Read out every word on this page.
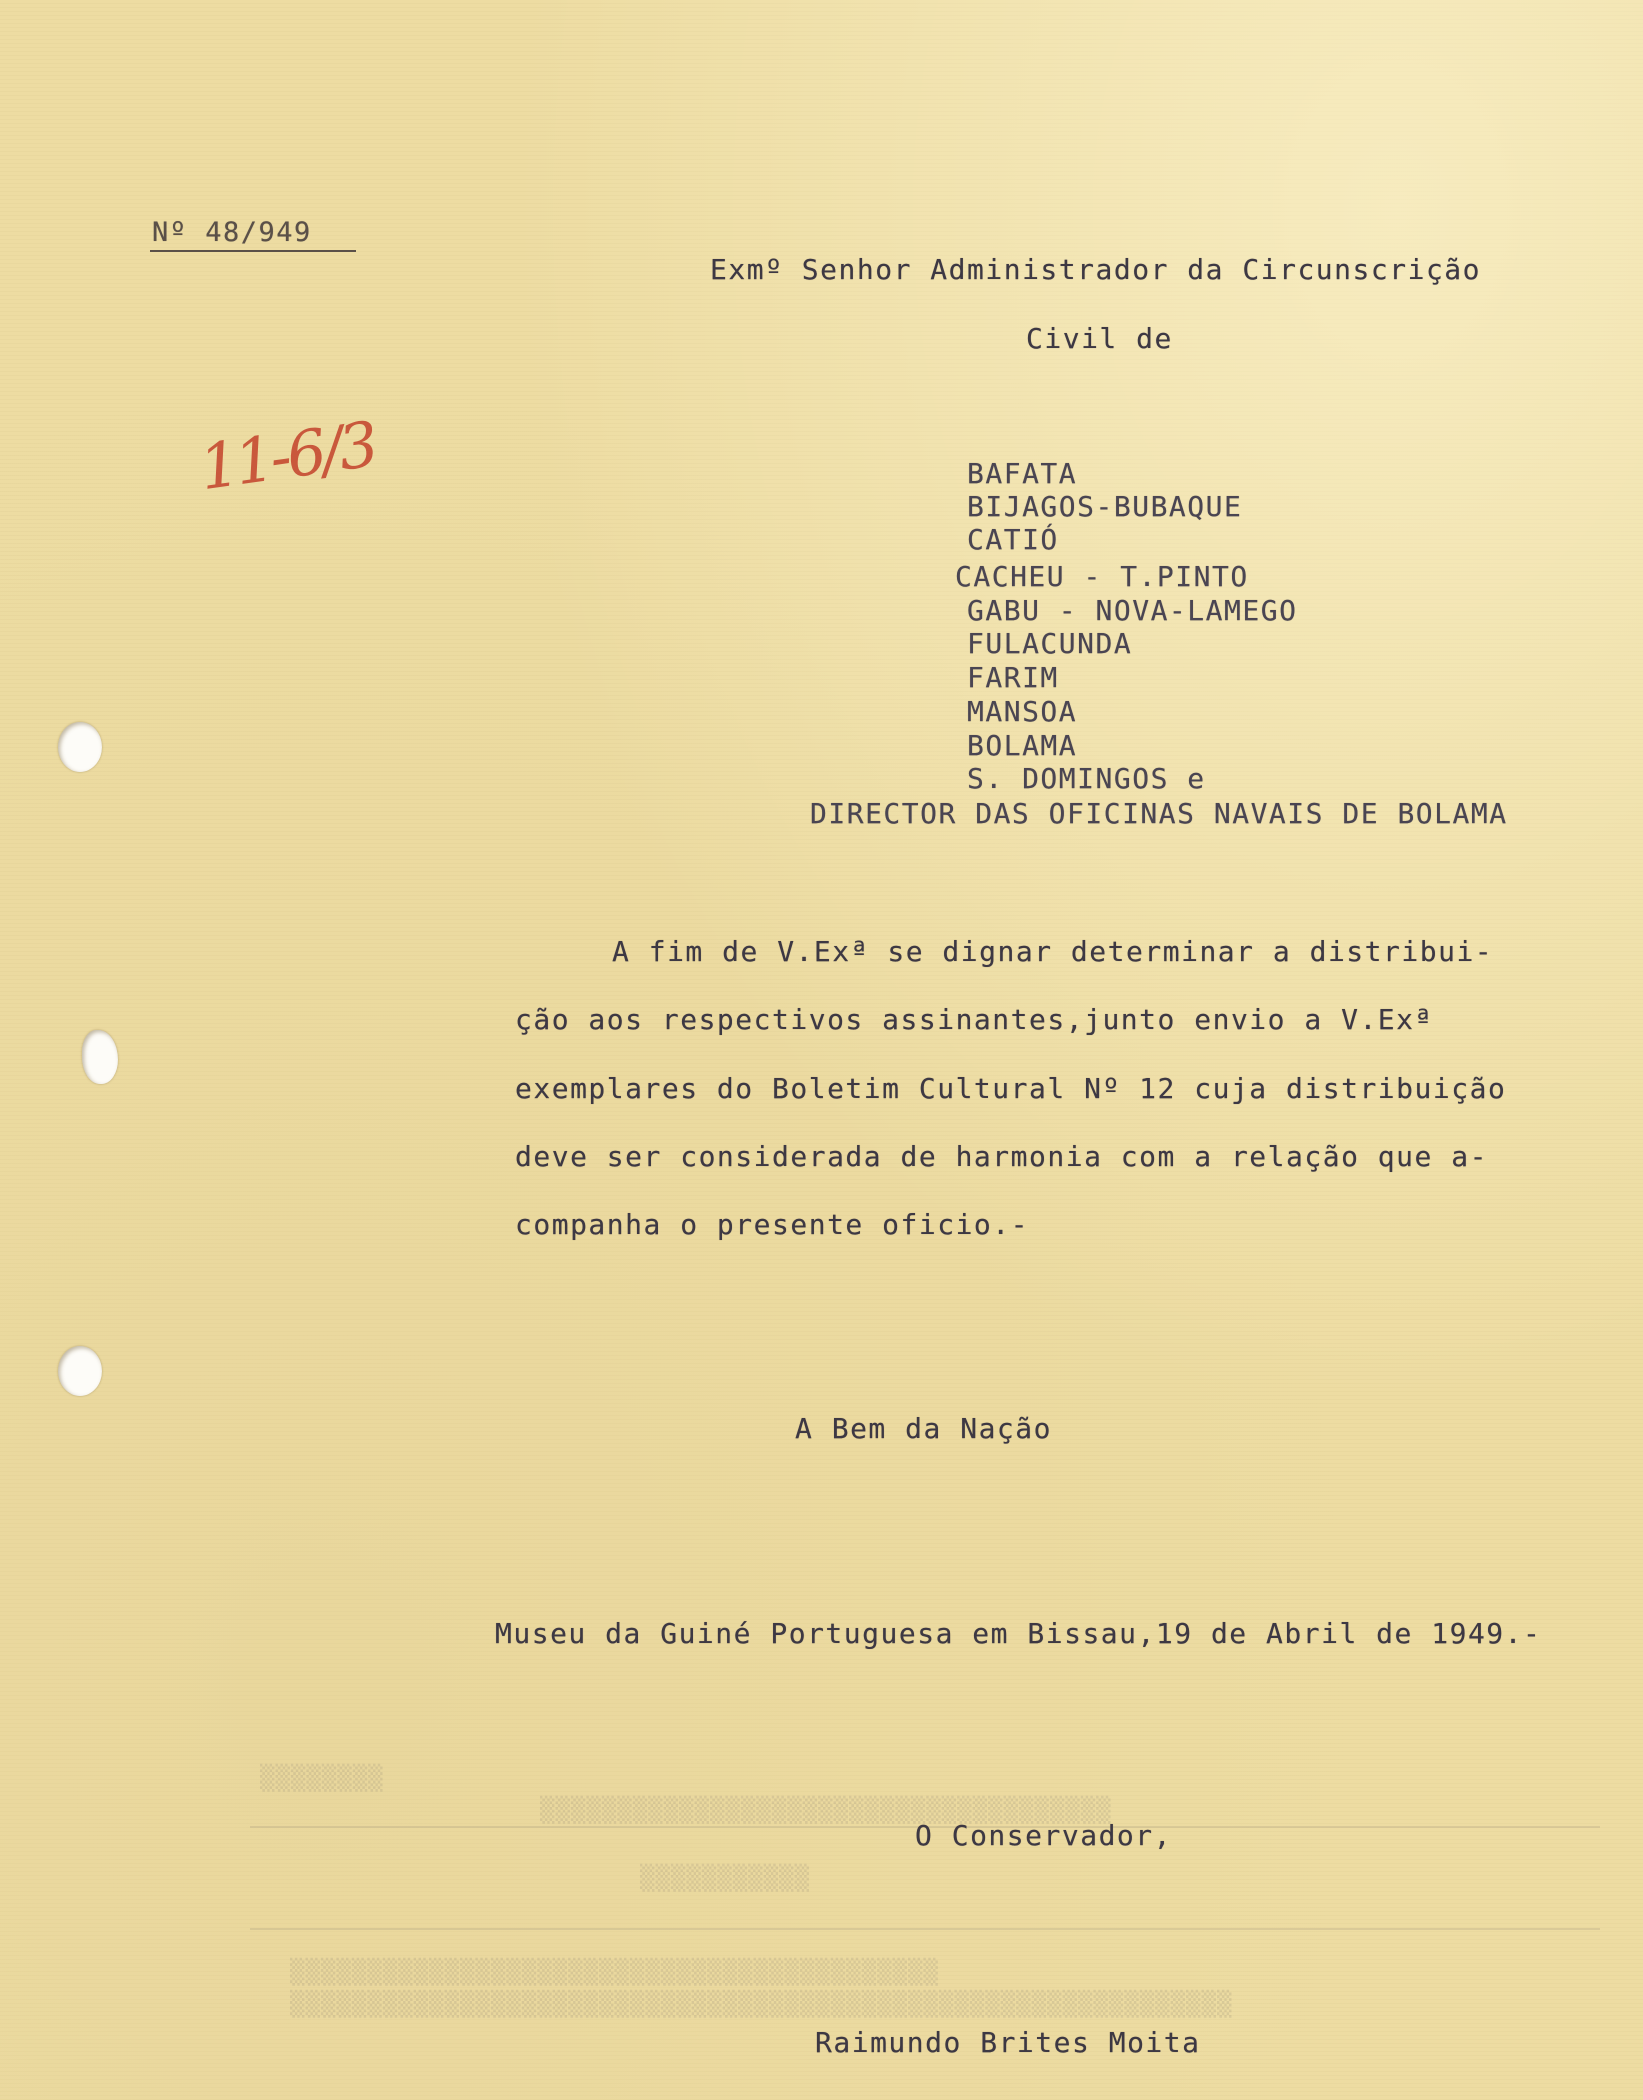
▒▒▒▒▒▒▒▒
▒▒▒▒▒▒▒▒▒▒▒▒▒▒▒▒▒▒▒▒▒▒▒▒▒▒▒▒▒▒▒▒▒▒▒▒▒
▒▒▒▒▒▒▒▒▒▒▒
▒▒▒▒▒▒▒▒▒▒▒▒▒▒▒▒▒▒▒▒▒▒▒▒▒▒▒▒▒▒▒▒▒▒▒▒▒▒▒▒▒▒
▒▒▒▒▒▒▒▒▒▒▒▒▒▒▒▒▒▒▒▒▒▒▒▒▒▒▒▒▒▒▒▒▒▒▒▒▒▒▒▒▒▒▒▒▒▒▒▒▒▒▒▒▒▒▒▒▒▒▒▒▒
Nº 48/949
11-6/3
Exmº Senhor Administrador da Circunscrição
Civil de
BAFATA
BIJAGOS-BUBAQUE
CATIÓ
CACHEU - T.PINTO
GABU - NOVA-LAMEGO
FULACUNDA
FARIM
MANSOA
BOLAMA
S. DOMINGOS e
DIRECTOR DAS OFICINAS NAVAIS DE BOLAMA
A fim de V.Exª se dignar determinar a distribui-
ção aos respectivos assinantes,junto envio a V.Exª
exemplares do Boletim Cultural Nº 12 cuja distribuição
deve ser considerada de harmonia com a relação que a-
companha o presente oficio.-
A Bem da Nação
Museu da Guiné Portuguesa em Bissau,19 de Abril de 1949.-
O Conservador,
Raimundo Brites Moita
